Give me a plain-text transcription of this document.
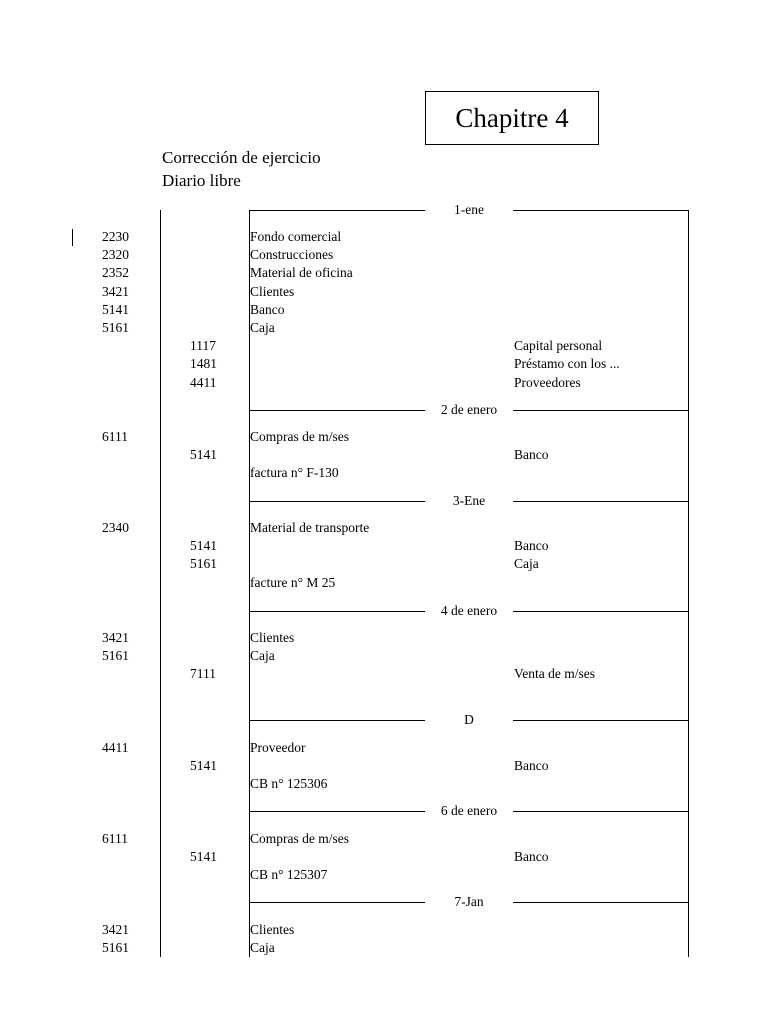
Chapitre 4
Corrección de ejercicio
Diario libre
1-ene
2230	Fondo comercial
2320	Construcciones
2352	Material de oficina
3421	Clientes
5141	Banco
5161	Caja
1117	Capital personal
1481	Préstamo con los ...
4411	Proveedores
2 de enero
6111	Compras de m/ses
5141	Banco
factura n° F-130
3-Ene
2340	Material de transporte
5141	Banco
5161	Caja
facture n° M 25
4 de enero
3421	Clientes
5161	Caja
7111	Venta de m/ses
D
4411	Proveedor
5141	Banco
CB n° 125306
6 de enero
6111	Compras de m/ses
5141	Banco
CB n° 125307
7-Jan
3421	Clientes
5161	Caja
